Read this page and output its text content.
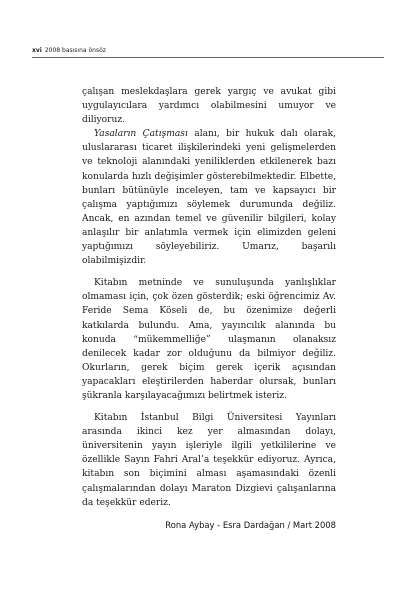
xvi 2008 basısına önsöz

çalışan meslekdaşlara gerek yargıç ve avukat gibi uygulayıcılara yardımcı olabilmesini umuyor ve diliyoruz.

Yasaların Çatışması alanı, bir hukuk dalı olarak, uluslararası ticaret ilişkilerindeki yeni gelişmelerden ve teknoloji alanındaki yeniliklerden etkilenerek bazı konularda hızlı değişimler gösterebilmektedir. Elbette, bunları bütünüyle inceleyen, tam ve kapsayıcı bir çalışma yaptığımızı söylemek durumunda değiliz. Ancak, en azından temel ve güvenilir bilgileri, kolay anlaşılır bir anlatımla vermek için elimizden geleni yaptığımızı söyleyebiliriz. Umarız, başarılı olabilmişizdir.

Kitabın metninde ve sunuluşunda yanlışlıklar olmaması için, çok özen gösterdik; eski öğrencimiz Av. Feride Sema Köseli de, bu özenimize değerli katkılarda bulundu. Ama, yayıncılık alanında bu konuda “mükemmelliğe” ulaşmanın olanaksız denilecek kadar zor olduğunu da bilmiyor değiliz. Okurların, gerek biçim gerek içerik açısından yapacakları eleştirilerden haberdar olursak, bunları şükranla karşılayacağımızı belirtmek isteriz.

Kitabın İstanbul Bilgi Üniversitesi Yayınları arasında ikinci kez yer almasından dolayı, üniversitenin yayın işleriyle ilgili yetkililerine ve özellikle Sayın Fahri Aral’a teşekkür ediyoruz. Ayrıca, kitabın son biçimini alması aşamasındaki özenli çalışmalarından dolayı Maraton Dizgievi çalışanlarına da teşekkür ederiz.

Rona Aybay - Esra Dardağan / Mart 2008
